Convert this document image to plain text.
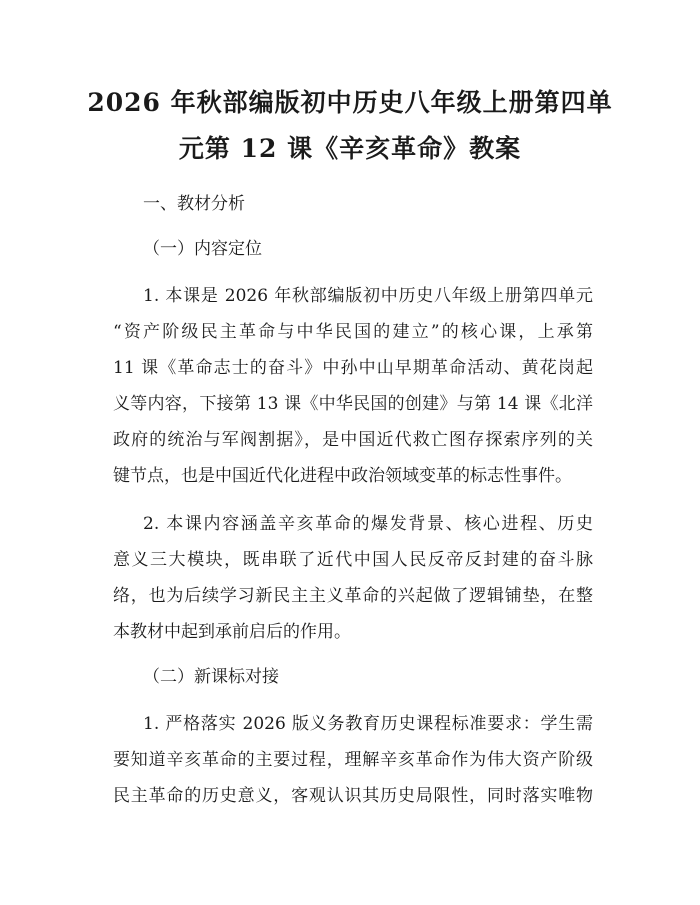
2026 年秋部编版初中历史八年级上册第四单
元第 12 课《辛亥革命》教案
一、教材分析
（一）内容定位
1. 本课是 2026 年秋部编版初中历史八年级上册第四单元
“资产阶级民主革命与中华民国的建立”的核心课，上承第
11 课《革命志士的奋斗》中孙中山早期革命活动、黄花岗起
义等内容，下接第 13 课《中华民国的创建》与第 14 课《北洋
政府的统治与军阀割据》，是中国近代救亡图存探索序列的关
键节点，也是中国近代化进程中政治领域变革的标志性事件。
2. 本课内容涵盖辛亥革命的爆发背景、核心进程、历史
意义三大模块，既串联了近代中国人民反帝反封建的奋斗脉
络，也为后续学习新民主主义革命的兴起做了逻辑铺垫，在整
本教材中起到承前启后的作用。
（二）新课标对接
1. 严格落实 2026 版义务教育历史课程标准要求：学生需
要知道辛亥革命的主要过程，理解辛亥革命作为伟大资产阶级
民主革命的历史意义，客观认识其历史局限性，同时落实唯物
